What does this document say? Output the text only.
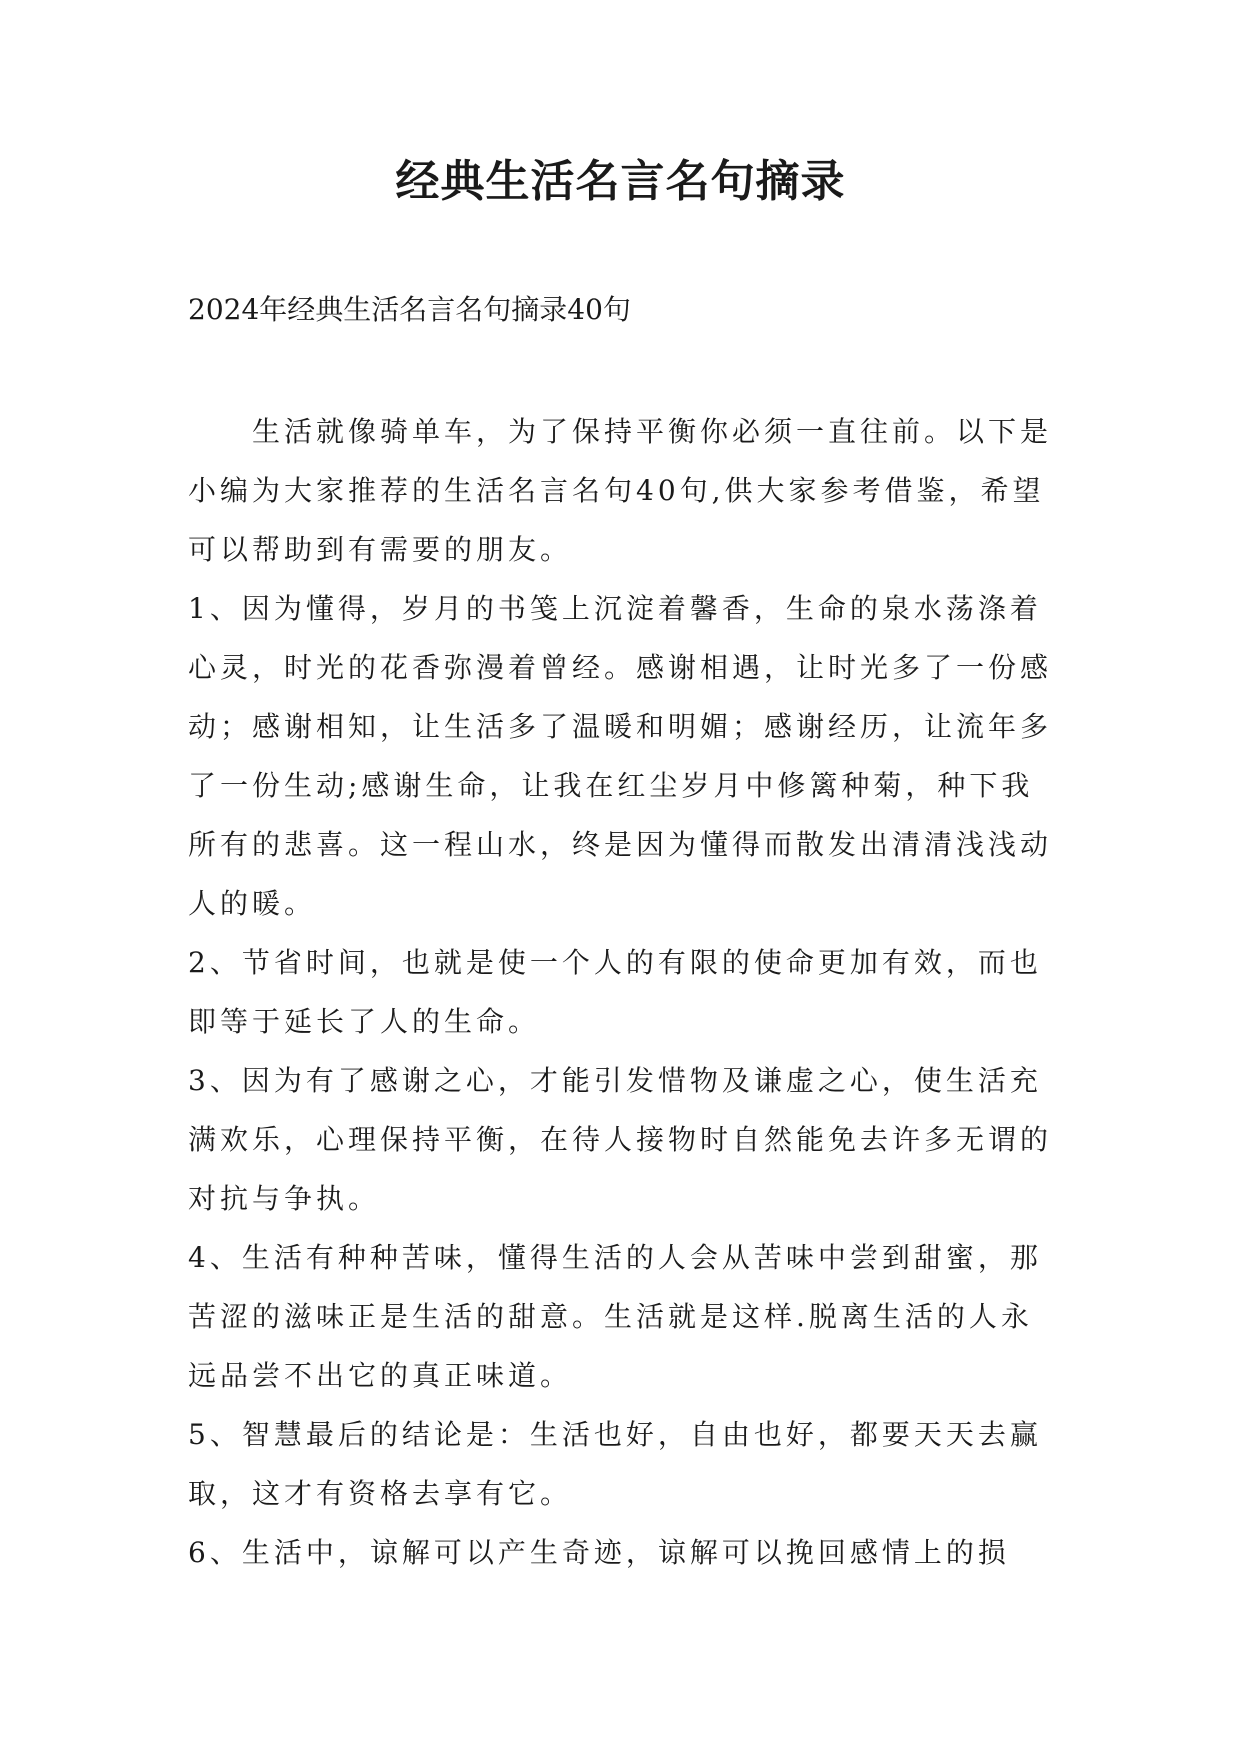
经典生活名言名句摘录

2024年经典生活名言名句摘录40句

生活就像骑单车，为了保持平衡你必须一直往前。以下是小编为大家推荐的生活名言名句40句,供大家参考借鉴，希望可以帮助到有需要的朋友。

1、因为懂得，岁月的书笺上沉淀着馨香，生命的泉水荡涤着心灵，时光的花香弥漫着曾经。感谢相遇，让时光多了一份感动；感谢相知，让生活多了温暖和明媚；感谢经历，让流年多了一份生动;感谢生命，让我在红尘岁月中修篱种菊，种下我所有的悲喜。这一程山水，终是因为懂得而散发出清清浅浅动人的暖。

2、节省时间，也就是使一个人的有限的使命更加有效，而也即等于延长了人的生命。

3、因为有了感谢之心，才能引发惜物及谦虚之心，使生活充满欢乐，心理保持平衡，在待人接物时自然能免去许多无谓的对抗与争执。

4、生活有种种苦味，懂得生活的人会从苦味中尝到甜蜜，那苦涩的滋味正是生活的甜意。生活就是这样.脱离生活的人永远品尝不出它的真正味道。

5、智慧最后的结论是：生活也好，自由也好，都要天天去赢取，这才有资格去享有它。

6、生活中，谅解可以产生奇迹，谅解可以挽回感情上的损
